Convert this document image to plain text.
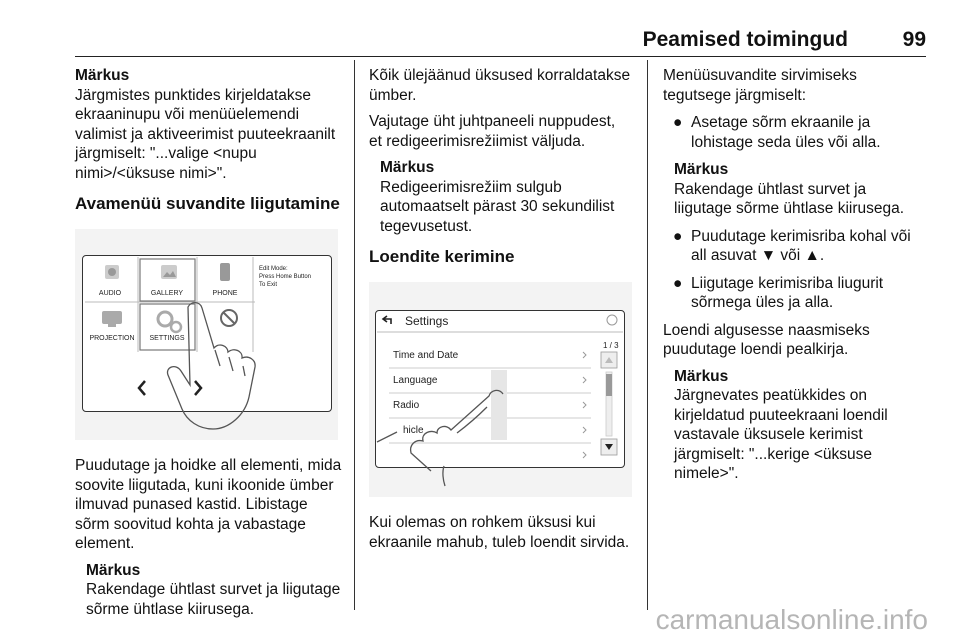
Peamised toimingud	99
Märkus
Järgmistes punktides kirjeldatakse ekraaninupu või menüüelemendi valimist ja aktiveerimist puuteekraanilt järgmiselt: "...valige <nupu nimi>/<üksuse nimi>".
Avamenüü suvandite liigutamine
AUDIO	GALLERY	PHONE
PROJECTION SETTINGS
Edit Mode:
Press Home Button
To Exit
Puudutage ja hoidke all elementi, mida soovite liigutada, kuni ikoonide ümber ilmuvad punased kastid. Libistage sõrm soovitud kohta ja vabastage element.
Märkus
Rakendage ühtlast survet ja liigutage sõrme ühtlase kiirusega.
Kõik ülejäänud üksused korraldatakse ümber.
Vajutage üht juhtpaneeli nuppudest, et redigeerimisrežiimist väljuda.
Märkus
Redigeerimisrežiim sulgub automaatselt pärast 30 sekundilist tegevusetust.
Loendite kerimine
Settings
Time and Date
Language
Radio
hicle
1 / 3
Kui olemas on rohkem üksusi kui ekraanile mahub, tuleb loendit sirvida.
Menüüsuvandite sirvimiseks tegutsege järgmiselt:
● Asetage sõrm ekraanile ja lohistage seda üles või alla.
Märkus
Rakendage ühtlast survet ja liigutage sõrme ühtlase kiirusega.
● Puudutage kerimisriba kohal või all asuvat ▼ või ▲.
● Liigutage kerimisriba liugurit sõrmega üles ja alla.
Loendi algusesse naasmiseks puudutage loendi pealkirja.
Märkus
Järgnevates peatükkides on kirjeldatud puuteekraani loendil vastavale üksusele kerimist järgmiselt: "...kerige <üksuse nimele>".
carmanualsonline.info
